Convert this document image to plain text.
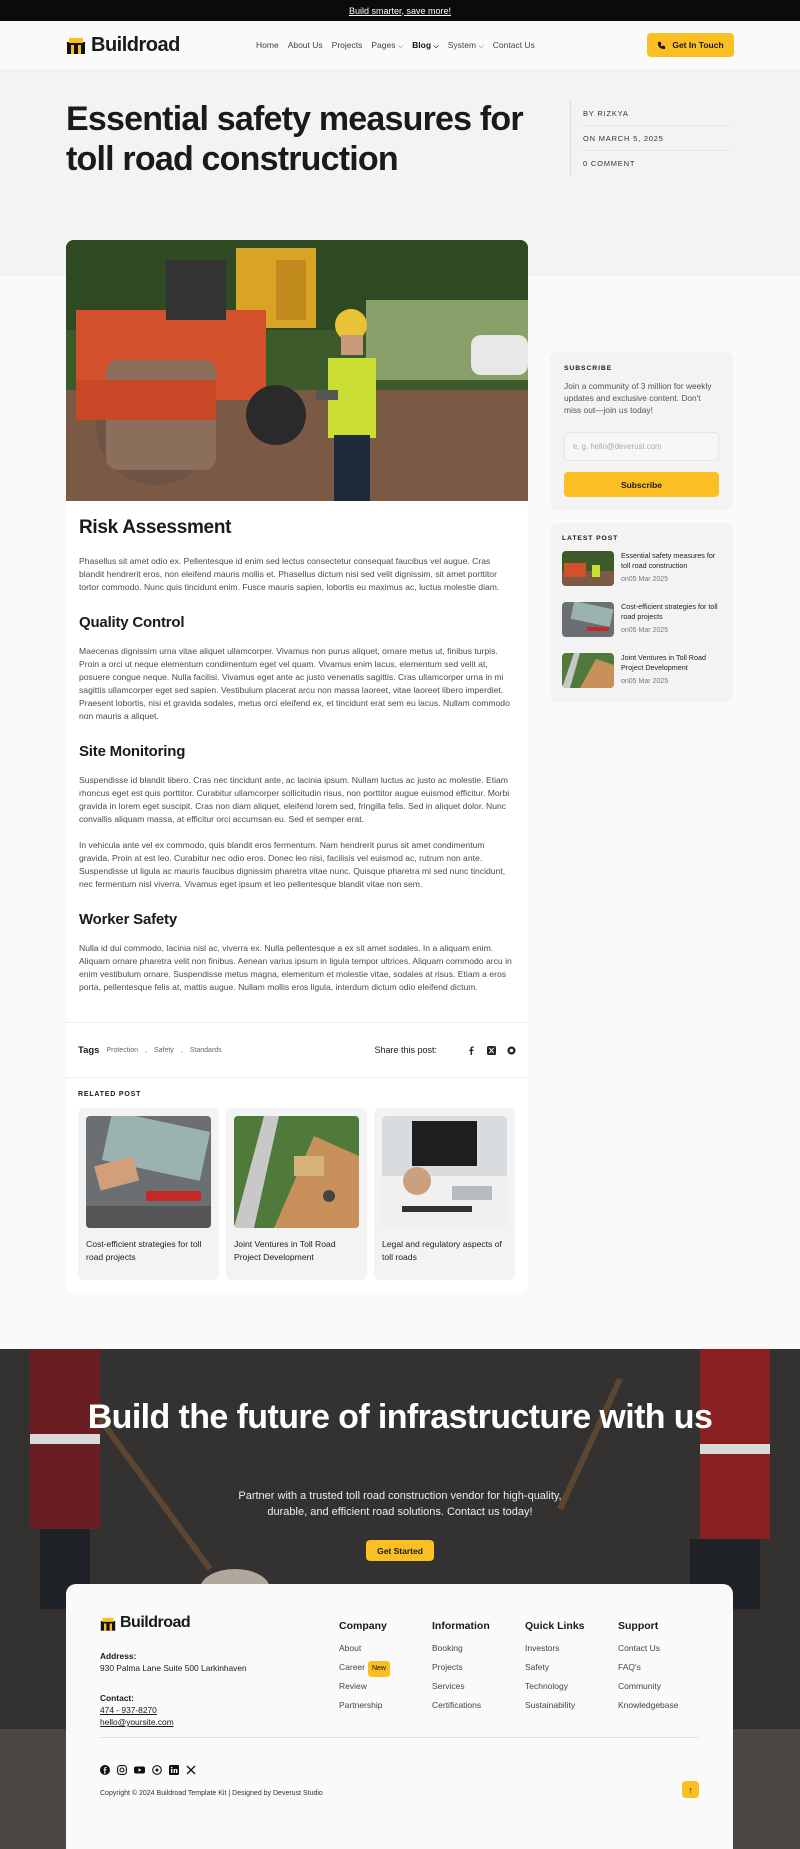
Build smarter, save more!
Buildroad	Home About Us Projects Pages ⌵ Blog ⌵ System ⌵ Contact Us	Get In Touch
Essential safety measures for toll road construction
BY RIZKYA
ON MARCH 5, 2025
0 COMMENT
Risk Assessment

Phasellus sit amet odio ex. Pellentesque id enim sed lectus consectetur consequat faucibus vel augue. Cras blandit hendrerit eros, non eleifend mauris mollis et. Phasellus dictum nisi sed velit dignissim, sit amet porttitor tortor commodo. Nunc quis tincidunt enim. Fusce mauris sapien, lobortis eu maximus ac, luctus molestie diam.

Quality Control

Maecenas dignissim urna vitae aliquet ullamcorper. Vivamus non purus aliquet, ornare metus ut, finibus turpis. Proin a orci ut neque elementum condimentum eget vel quam. Vivamus enim lacus, elementum sed velit at, posuere congue neque. Nulla facilisi. Vivamus eget ante ac justo venenatis sagittis. Cras ullamcorper urna in mi sagittis ullamcorper eget sed sapien. Vestibulum placerat arcu non massa laoreet, vitae laoreet libero imperdiet. Praesent lobortis, nisi et gravida sodales, metus orci eleifend ex, et tincidunt erat sem eu lacus. Nullam commodo non mauris a aliquet.

Site Monitoring

Suspendisse id blandit libero. Cras nec tincidunt ante, ac lacinia ipsum. Nullam luctus ac justo ac molestie. Etiam rhoncus eget est quis porttitor. Curabitur ullamcorper sollicitudin risus, non porttitor augue euismod efficitur. Morbi gravida in lorem eget suscipit. Cras non diam aliquet, eleifend lorem sed, fringilla felis. Sed in aliquet dolor. Nunc convallis aliquam massa, at efficitur orci accumsan eu. Sed et semper erat.

In vehicula ante vel ex commodo, quis blandit eros fermentum. Nam hendrerit purus sit amet condimentum gravida. Proin at est leo. Curabitur nec odio eros. Donec leo nisi, facilisis vel euismod ac, rutrum non ante. Suspendisse ut ligula ac mauris faucibus dignissim pharetra vitae nunc. Quisque pharetra mi sed nunc tincidunt, nec fermentum nisl viverra. Vivamus eget ipsum et leo pellentesque blandit vitae non sem.

Worker Safety

Nulla id dui commodo, lacinia nisl ac, viverra ex. Nulla pellentesque a ex sit amet sodales. In a aliquam enim. Aliquam ornare pharetra velit non finibus. Aenean varius ipsum in ligula tempor ultrices. Aliquam commodo arcu in enim vestibulum ornare. Suspendisse metus magna, elementum et molestie vitae, sodales at risus. Etiam a eros porta, pellentesque felis at, mattis augue. Nullam mollis eros ligula, interdum dictum odio eleifend dictum.

Tags Protection , Safety , Standards	Share this post:
RELATED POST

Cost-efficient strategies for toll road projects

Joint Ventures in Toll Road Project Development

Legal and regulatory aspects of toll roads

SUBSCRIBE

Join a community of 3 million for weekly updates and exclusive content. Don't miss out—join us today!

e. g. hello@deverust.com
Subscribe
LATEST POST
Essential safety measures for toll road construction
on05 Mar 2025
Cost-efficient strategies for toll road projects
on05 Mar 2025
Joint Ventures in Toll Road Project Development
on05 Mar 2025
Build the future of infrastructure with us

Partner with a trusted toll road construction vendor for high-quality, durable, and efficient road solutions. Contact us today!

Get Started
Buildroad
Address:
930 Palma Lane Suite 500 Larkinhaven
Contact:
474 - 937-8270
hello@yoursite.com
Company
About
Career New
Review
Partnership
Information
Booking
Projects
Services
Certifications
Quick Links
Investors
Safety
Technology
Sustainability
Support
Contact Us
FAQ's
Community
Knowledgebase
Copyright © 2024 Buildroad Template Kit | Designed by Deverust Studio	↑
